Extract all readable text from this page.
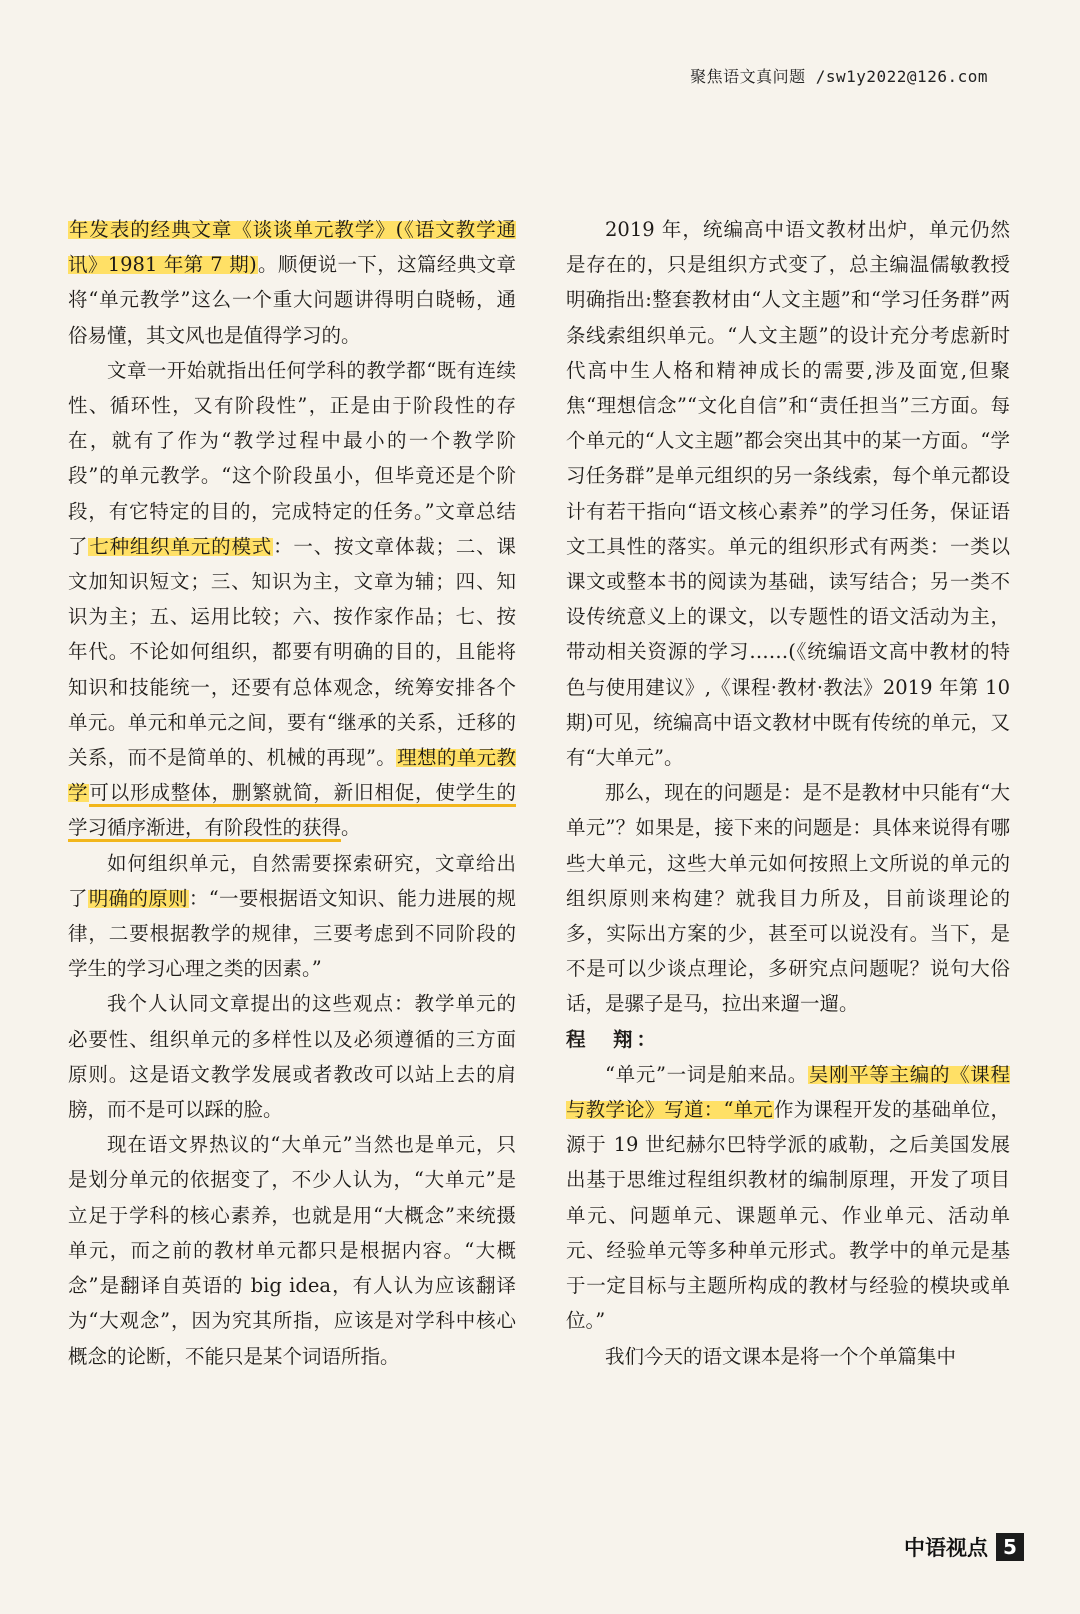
聚焦语文真问题 /sw1y2022@126.com

年发表的经典文章《谈谈单元教学》(《语文教学通讯》1981 年第 7 期)。顺便说一下，这篇经典文章将“单元教学”这么一个重大问题讲得明白晓畅，通俗易懂，其文风也是值得学习的。

文章一开始就指出任何学科的教学都“既有连续性、循环性，又有阶段性”，正是由于阶段性的存在，就有了作为“教学过程中最小的一个教学阶段”的单元教学。“这个阶段虽小，但毕竟还是个阶段，有它特定的目的，完成特定的任务。”文章总结了七种组织单元的模式：一、按文章体裁；二、课文加知识短文；三、知识为主，文章为辅；四、知识为主；五、运用比较；六、按作家作品；七、按年代。不论如何组织，都要有明确的目的，且能将知识和技能统一，还要有总体观念，统筹安排各个单元。单元和单元之间，要有“继承的关系，迁移的关系，而不是简单的、机械的再现”。理想的单元教学可以形成整体，删繁就简，新旧相促，使学生的学习循序渐进，有阶段性的获得。

如何组织单元，自然需要探索研究，文章给出了明确的原则：“一要根据语文知识、能力进展的规律，二要根据教学的规律，三要考虑到不同阶段的学生的学习心理之类的因素。”

我个人认同文章提出的这些观点：教学单元的必要性、组织单元的多样性以及必须遵循的三方面原则。这是语文教学发展或者教改可以站上去的肩膀，而不是可以踩的脸。

现在语文界热议的“大单元”当然也是单元，只是划分单元的依据变了，不少人认为，“大单元”是立足于学科的核心素养，也就是用“大概念”来统摄单元，而之前的教材单元都只是根据内容。“大概念”是翻译自英语的 big idea，有人认为应该翻译为“大观念”，因为究其所指，应该是对学科中核心概念的论断，不能只是某个词语所指。

2019 年，统编高中语文教材出炉，单元仍然是存在的，只是组织方式变了，总主编温儒敏教授明确指出:整套教材由“人文主题”和“学习任务群”两条线索组织单元。“人文主题”的设计充分考虑新时代高中生人格和精神成长的需要,涉及面宽,但聚焦“理想信念”“文化自信”和“责任担当”三方面。每个单元的“人文主题”都会突出其中的某一方面。“学习任务群”是单元组织的另一条线索，每个单元都设计有若干指向“语文核心素养”的学习任务，保证语文工具性的落实。单元的组织形式有两类：一类以课文或整本书的阅读为基础，读写结合；另一类不设传统意义上的课文，以专题性的语文活动为主，带动相关资源的学习……(《统编语文高中教材的特色与使用建议》,《课程·教材·教法》2019 年第 10 期)可见，统编高中语文教材中既有传统的单元，又有“大单元”。

那么，现在的问题是：是不是教材中只能有“大单元”？如果是，接下来的问题是：具体来说得有哪些大单元，这些大单元如何按照上文所说的单元的组织原则来构建？就我目力所及，目前谈理论的多，实际出方案的少，甚至可以说没有。当下，是不是可以少谈点理论，多研究点问题呢？说句大俗话，是骡子是马，拉出来遛一遛。

程　翔：

“单元”一词是舶来品。吴刚平等主编的《课程与教学论》写道：“单元作为课程开发的基础单位，源于 19 世纪赫尔巴特学派的戚勒，之后美国发展出基于思维过程组织教材的编制原理，开发了项目单元、问题单元、课题单元、作业单元、活动单元、经验单元等多种单元形式。教学中的单元是基于一定目标与主题所构成的教材与经验的模块或单位。”

我们今天的语文课本是将一个个单篇集中

中语视点 5
